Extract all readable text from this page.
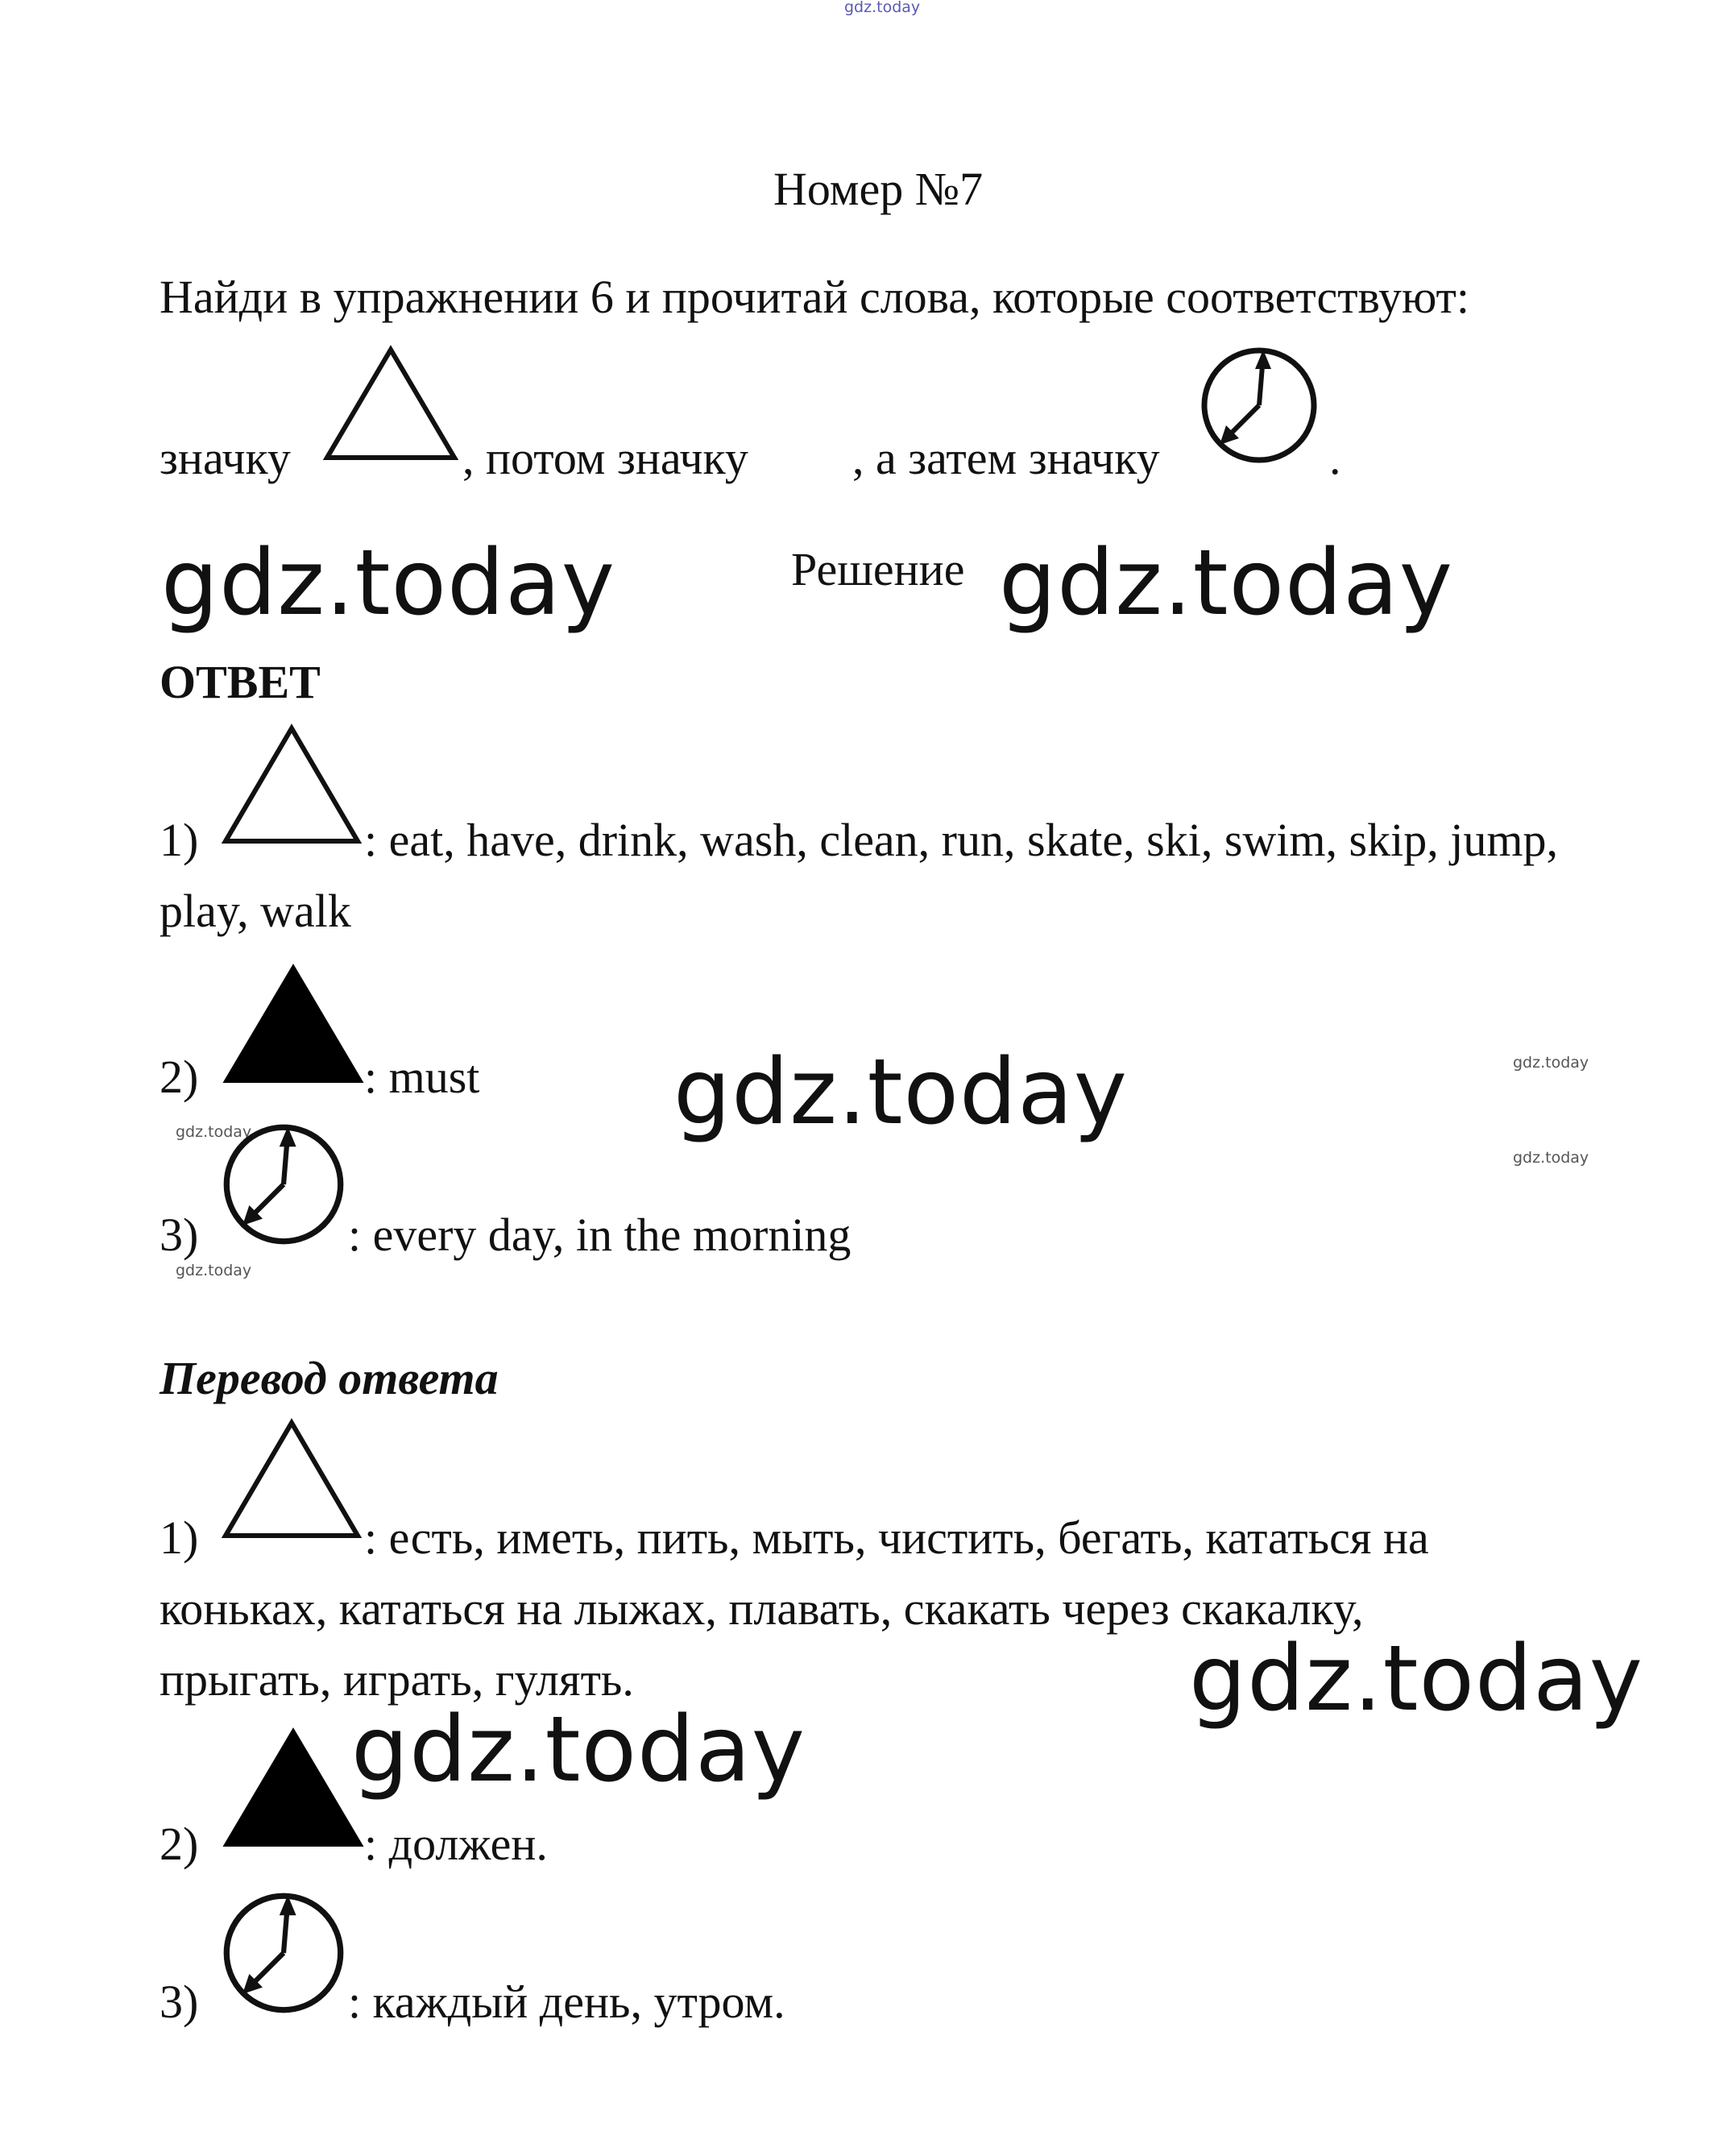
gdz.today
Номер №7
Найди в упражнении 6 и прочитай слова, которые соответствуют:
значку	, потом значку , а затем значку	.
gdz.today	Решение gdz.today
ОТВЕТ
1)	: eat, have, drink, wash, clean, run, skate, ski, swim, skip, jump,
play, walk
2)	: must gdz.today	gdz.today
gdz.today
gdz.today
3)
gdz.today
: every day, in the morning
Перевод ответа
1)	: есть, иметь, пить, мыть, чистить, бегать, кататься на
коньках, кататься на лыжах, плавать, скакать через скакалку,
прыгать, играть, гулять.	gdz.today
gdz.today
2)	: должен.
3)	: каждый день, утром.
